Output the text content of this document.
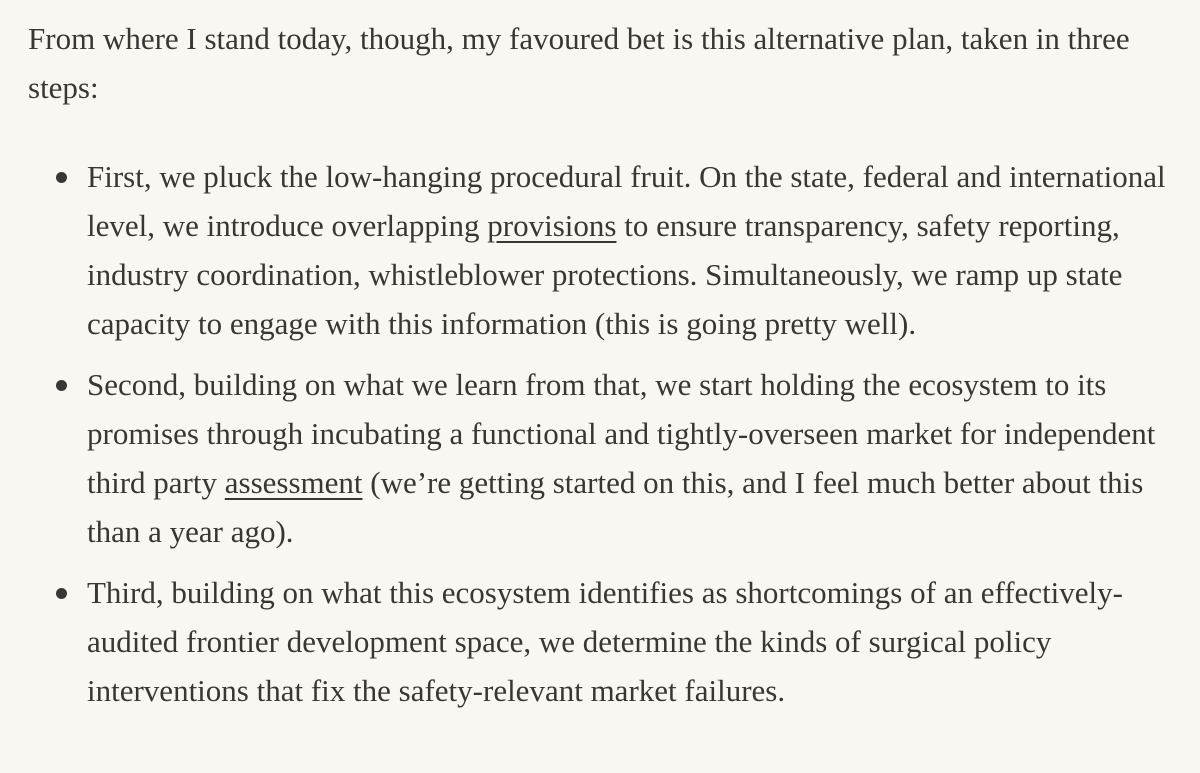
From where I stand today, though, my favoured bet is this alternative plan, taken in three steps:

First, we pluck the low-hanging procedural fruit. On the state, federal and international level, we introduce overlapping provisions to ensure transparency, safety reporting, industry coordination, whistleblower protections. Simultaneously, we ramp up state capacity to engage with this information (this is going pretty well).
Second, building on what we learn from that, we start holding the ecosystem to its promises through incubating a functional and tightly-overseen market for independent third party assessment (we’re getting started on this, and I feel much better about this than a year ago).
Third, building on what this ecosystem identifies as shortcomings of an effectively-audited frontier development space, we determine the kinds of surgical policy interventions that fix the safety-relevant market failures.
